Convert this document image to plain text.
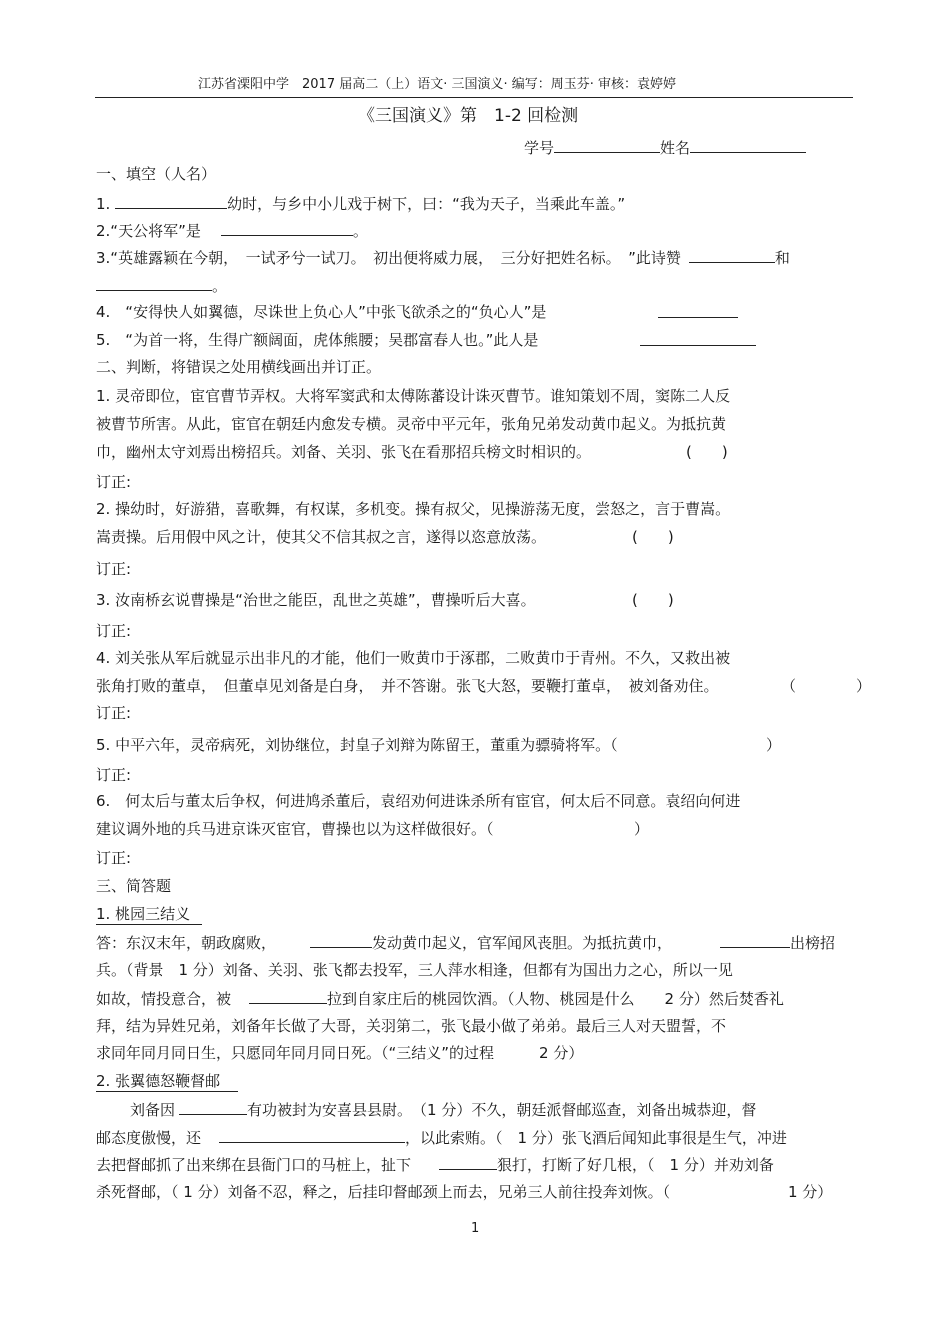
江苏省溧阳中学　2017 届高二（上）语文· 三国演义· 编写：周玉芬· 审核：袁婷婷
《三国演义》第　1-2 回检测
学号	姓名
一、填空（人名）
1.	幼时，与乡中小儿戏于树下，曰：“我为天子，当乘此车盖。”
2.“天公将军”是	。
3.“英雄露颖在今朝，　一试矛兮一试刀。　初出便将威力展，　三分好把姓名标。　”此诗赞	和
。
4.　“安得快人如翼德，尽诛世上负心人”中张飞欲杀之的“负心人”是
5.　“为首一将，生得广额阔面，虎体熊腰；吴郡富春人也。”此人是
二、判断，将错误之处用横线画出并订正。
1. 灵帝即位，宦官曹节弄权。大将军窦武和太傅陈蕃设计诛灭曹节。谁知策划不周，窦陈二人反
被曹节所害。从此，宦官在朝廷内愈发专横。灵帝中平元年，张角兄弟发动黄巾起义。为抵抗黄
巾，幽州太守刘焉出榜招兵。刘备、关羽、张飞在看那招兵榜文时相识的。	(　　)
订正:
2. 操幼时，好游猎，喜歌舞，有权谋，多机变。操有叔父，见操游荡无度，尝怒之，言于曹嵩。
嵩责操。后用假中风之计，使其父不信其叔之言，遂得以恣意放荡。	(　　)
订正:
3. 汝南桥玄说曹操是“治世之能臣，乱世之英雄”，曹操听后大喜。	(　　)
订正:
4. 刘关张从军后就显示出非凡的才能，他们一败黄巾于涿郡，二败黄巾于青州。不久，又救出被
张角打败的董卓，　但董卓见刘备是白身，　并不答谢。张飞大怒，要鞭打董卓，　被刘备劝住。	（　　　　）
订正:
5. 中平六年，灵帝病死，刘协继位，封皇子刘辩为陈留王，董重为骠骑将军。（	）
订正:
6.　何太后与董太后争权，何进鸠杀董后，袁绍劝何进诛杀所有宦官，何太后不同意。袁绍向何进
建议调外地的兵马进京诛灭宦官，曹操也以为这样做很好。（	）
订正:
三、简答题
1. 桃园三结义
答：东汉末年，朝政腐败，	发动黄巾起义，官军闻风丧胆。为抵抗黄巾，	出榜招
兵。（背景　1 分）刘备、关羽、张飞都去投军，三人萍水相逢，但都有为国出力之心，所以一见
如故，情投意合，被	拉到自家庄后的桃园饮酒。（人物、桃园是什么　　2 分）然后焚香礼
拜，结为异姓兄弟，刘备年长做了大哥，关羽第二，张飞最小做了弟弟。最后三人对天盟誓，不
求同年同月同日生，只愿同年同月同日死。（“三结义”的过程　　　2 分）
2. 张翼德怒鞭督邮
刘备因	有功被封为安喜县县尉。　（1 分）不久，朝廷派督邮巡查，刘备出城恭迎，督
邮态度傲慢，还	，以此索贿。（　1 分）张飞酒后闻知此事很是生气，冲进
去把督邮抓了出来绑在县衙门口的马桩上，扯下	狠打，打断了好几根，（　1 分）并劝刘备
杀死督邮，（ 1 分）刘备不忍，释之，后挂印督邮颈上而去，兄弟三人前往投奔刘恢。（	1 分）
1
